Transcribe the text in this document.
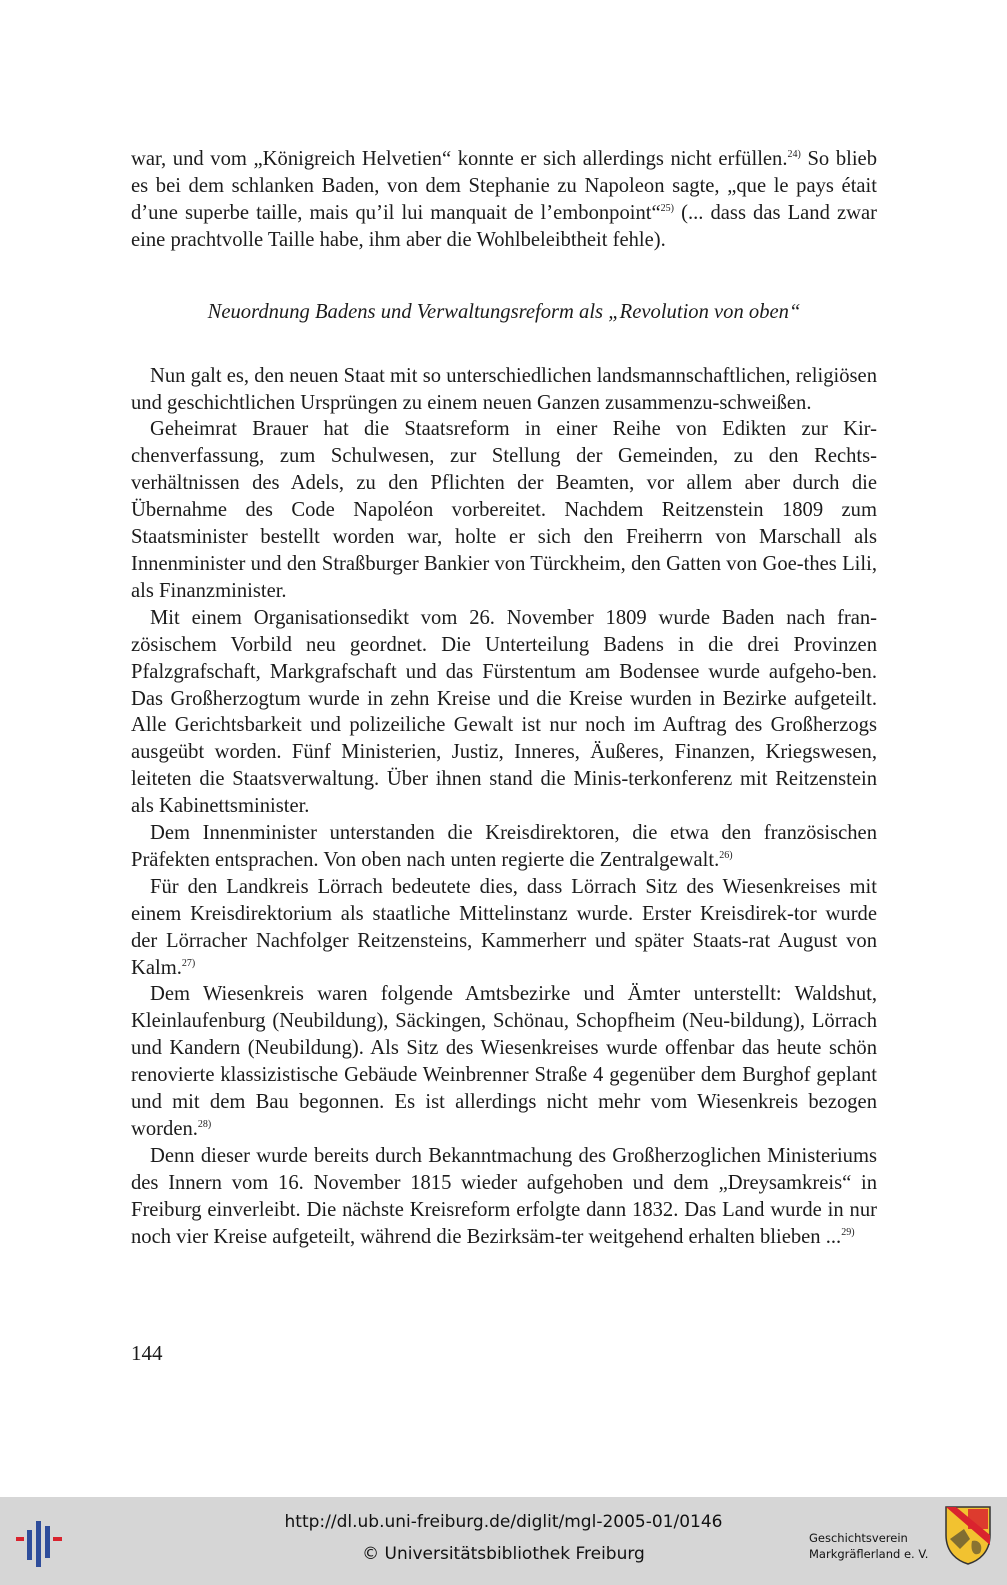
war, und vom „Königreich Helvetien“ konnte er sich allerdings nicht erfüllen.$^{24)}$ So blieb es bei dem schlanken Baden, von dem Stephanie zu Napoleon sagte, „que le pays était d’une superbe taille, mais qu’il lui manquait de l’embonpoint“$^{25)}$ (... dass das Land zwar eine prachtvolle Taille habe, ihm aber die Wohlbeleibtheit fehle).

Neuordnung Badens und Verwaltungsreform als „Revolution von oben“

Nun galt es, den neuen Staat mit so unterschiedlichen landsmannschaftlichen, religiösen und geschichtlichen Ursprüngen zu einem neuen Ganzen zusammenzu-schweißen.

Geheimrat Brauer hat die Staatsreform in einer Reihe von Edikten zur Kir-chenverfassung, zum Schulwesen, zur Stellung der Gemeinden, zu den Rechts-verhältnissen des Adels, zu den Pflichten der Beamten, vor allem aber durch die Übernahme des Code Napoléon vorbereitet. Nachdem Reitzenstein 1809 zum Staatsminister bestellt worden war, holte er sich den Freiherrn von Marschall als Innenminister und den Straßburger Bankier von Türckheim, den Gatten von Goe-thes Lili, als Finanzminister.

Mit einem Organisationsedikt vom 26. November 1809 wurde Baden nach fran-zösischem Vorbild neu geordnet. Die Unterteilung Badens in die drei Provinzen Pfalzgrafschaft, Markgrafschaft und das Fürstentum am Bodensee wurde aufgeho-ben. Das Großherzogtum wurde in zehn Kreise und die Kreise wurden in Bezirke aufgeteilt. Alle Gerichtsbarkeit und polizeiliche Gewalt ist nur noch im Auftrag des Großherzogs ausgeübt worden. Fünf Ministerien, Justiz, Inneres, Äußeres, Finanzen, Kriegswesen, leiteten die Staatsverwaltung. Über ihnen stand die Minis-terkonferenz mit Reitzenstein als Kabinettsminister.

Dem Innenminister unterstanden die Kreisdirektoren, die etwa den französischen Präfekten entsprachen. Von oben nach unten regierte die Zentralgewalt.$^{26)}$

Für den Landkreis Lörrach bedeutete dies, dass Lörrach Sitz des Wiesenkreises mit einem Kreisdirektorium als staatliche Mittelinstanz wurde. Erster Kreisdirek-tor wurde der Lörracher Nachfolger Reitzensteins, Kammerherr und später Staats-rat August von Kalm.$^{27)}$

Dem Wiesenkreis waren folgende Amtsbezirke und Ämter unterstellt: Waldshut, Kleinlaufenburg (Neubildung), Säckingen, Schönau, Schopfheim (Neu-bildung), Lörrach und Kandern (Neubildung). Als Sitz des Wiesenkreises wurde offenbar das heute schön renovierte klassizistische Gebäude Weinbrenner Straße 4 gegenüber dem Burghof geplant und mit dem Bau begonnen. Es ist allerdings nicht mehr vom Wiesenkreis bezogen worden.$^{28)}$

Denn dieser wurde bereits durch Bekanntmachung des Großherzoglichen Ministeriums des Innern vom 16. November 1815 wieder aufgehoben und dem „Dreysamkreis“ in Freiburg einverleibt. Die nächste Kreisreform erfolgte dann 1832. Das Land wurde in nur noch vier Kreise aufgeteilt, während die Bezirksäm-ter weitgehend erhalten blieben ...$^{29)}$

144
http://dl.ub.uni-freiburg.de/diglit/mgl-2005-01/0146
© Universitätsbibliothek Freiburg
Geschichtsverein
Markgräflerland e. V.
